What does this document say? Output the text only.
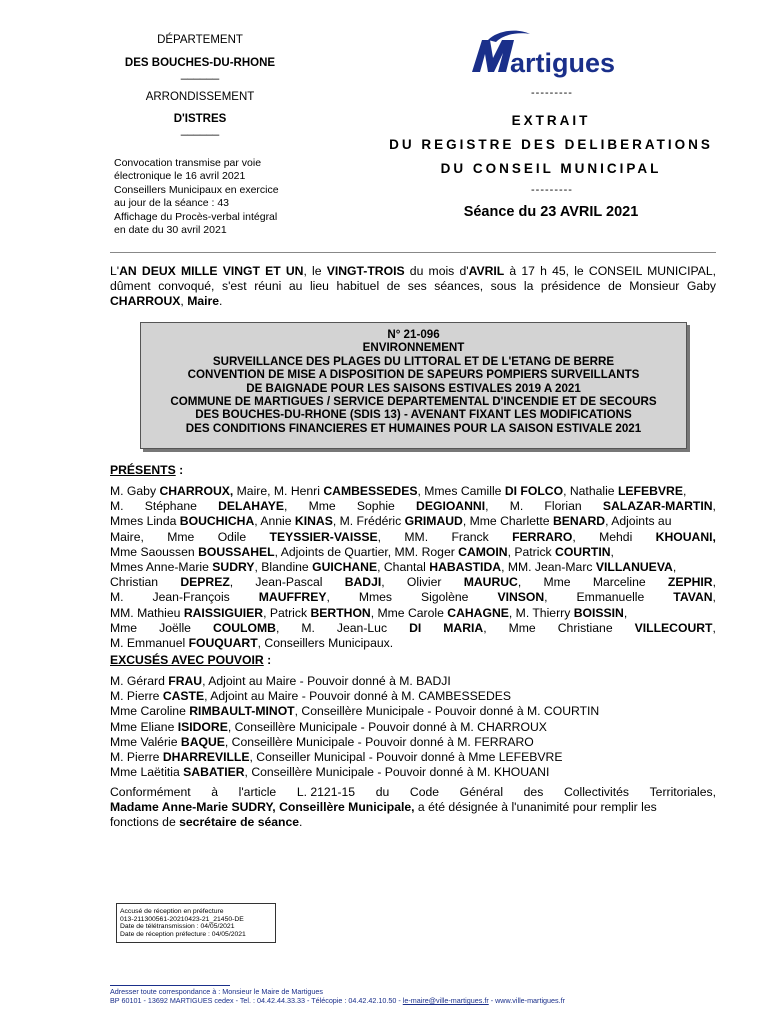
DÉPARTEMENT
DES BOUCHES-DU-RHONE
______
ARRONDISSEMENT
D'ISTRES
______
Convocation transmise par voie
électronique le 16 avril 2021
Conseillers Municipaux en exercice
au jour de la séance : 43
Affichage du Procès-verbal intégral
en date du 30 avril 2021
artigues
---------
EXTRAIT
DU REGISTRE DES DELIBERATIONS
DU CONSEIL MUNICIPAL
---------
Séance du 23 AVRIL 2021
L'AN DEUX MILLE VINGT ET UN, le VINGT-TROIS du mois d'AVRIL à 17 h 45, le CONSEIL MUNICIPAL, dûment convoqué, s'est réuni au lieu habituel de ses séances, sous la présidence de Monsieur Gaby CHARROUX, Maire.
N° 21-096
ENVIRONNEMENT
SURVEILLANCE DES PLAGES DU LITTORAL ET DE L'ETANG DE BERRE
CONVENTION DE MISE A DISPOSITION DE SAPEURS POMPIERS SURVEILLANTS
DE BAIGNADE POUR LES SAISONS ESTIVALES 2019 A 2021
COMMUNE DE MARTIGUES / SERVICE DEPARTEMENTAL D'INCENDIE ET DE SECOURS
DES BOUCHES-DU-RHONE (SDIS 13) - AVENANT FIXANT LES MODIFICATIONS
DES CONDITIONS FINANCIERES ET HUMAINES POUR LA SAISON ESTIVALE 2021
PRÉSENTS :
M. Gaby CHARROUX, Maire, M. Henri CAMBESSEDES, Mmes Camille DI FOLCO, Nathalie LEFEBVRE,
M. Stéphane DELAHAYE, Mme Sophie DEGIOANNI, M. Florian SALAZAR-MARTIN,
Mmes Linda BOUCHICHA, Annie KINAS, M. Frédéric GRIMAUD, Mme Charlette BENARD, Adjoints au
Maire, Mme Odile TEYSSIER-VAISSE, MM. Franck FERRARO, Mehdi KHOUANI,
Mme Saoussen BOUSSAHEL, Adjoints de Quartier, MM. Roger CAMOIN, Patrick COURTIN,
Mmes Anne-Marie SUDRY, Blandine GUICHANE, Chantal HABASTIDA, MM. Jean-Marc VILLANUEVA,
Christian DEPREZ, Jean-Pascal BADJI, Olivier MAURUC, Mme Marceline ZEPHIR,
M. Jean-François MAUFFREY, Mmes Sigolène VINSON, Emmanuelle TAVAN,
MM. Mathieu RAISSIGUIER, Patrick BERTHON, Mme Carole CAHAGNE, M. Thierry BOISSIN,
Mme Joëlle COULOMB, M. Jean-Luc DI MARIA, Mme Christiane VILLECOURT,
M. Emmanuel FOUQUART, Conseillers Municipaux.
EXCUSÉS AVEC POUVOIR :
M. Gérard FRAU, Adjoint au Maire - Pouvoir donné à M. BADJI
M. Pierre CASTE, Adjoint au Maire - Pouvoir donné à M. CAMBESSEDES
Mme Caroline RIMBAULT-MINOT, Conseillère Municipale - Pouvoir donné à M. COURTIN
Mme Eliane ISIDORE, Conseillère Municipale - Pouvoir donné à M. CHARROUX
Mme Valérie BAQUE, Conseillère Municipale - Pouvoir donné à M. FERRARO
M. Pierre DHARREVILLE, Conseiller Municipal - Pouvoir donné à Mme LEFEBVRE
Mme Laëtitia SABATIER, Conseillère Municipale - Pouvoir donné à M. KHOUANI
Conformément à l'article L. 2121-15 du Code Général des Collectivités Territoriales,
Madame Anne-Marie SUDRY, Conseillère Municipale, a été désignée à l'unanimité pour remplir les
fonctions de secrétaire de séance.
Accusé de réception en préfecture
013-211300561-20210423-21_21450-DE
Date de télétransmission : 04/05/2021
Date de réception préfecture : 04/05/2021
Adresser toute correspondance à : Monsieur le Maire de Martigues
BP 60101 - 13692 MARTIGUES cedex - Tel. : 04.42.44.33.33 - Télécopie : 04.42.42.10.50 - le-maire@ville-martigues.fr - www.ville-martigues.fr
